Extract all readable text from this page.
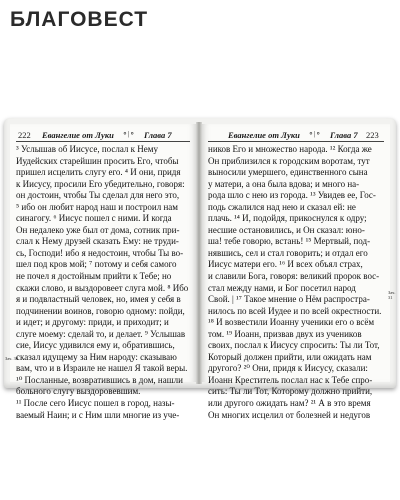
БЛАГОВЕСТ
222 Евангелие от Луки ⚬|⚬ Глава 7
³ Услышав об Иисусе, послал к Нему
Иудейских старейшин просить Его, чтобы
пришел исцелить слугу его. ⁴ И они, придя
к Иисусу, просили Его убедительно, говоря:
он достоин, чтобы Ты сделал для него это,
⁵ ибо он любит народ наш и построил нам
синагогу. ⁶ Иисус пошел с ними. И когда
Он недалеко уже был от дома, сотник при-
слал к Нему друзей сказать Ему: не труди-
сь, Господи! ибо я недостоин, чтобы Ты во-
шел под кров мой; ⁷ потому и себя самого
не почел я достойным прийти к Тебе; но
скажи слово, и выздоровеет слуга мой. ⁸ Ибо
я и подвластный человек, но, имея у себя в
подчинении воинов, говорю одному: пойди,
и идет; и другому: приди, и приходит; и
слуге моему: сделай то, и делает. ⁹ Услышав
сие, Иисус удивился ему и, обратившись,
сказал идущему за Ним народу: сказываю
вам, что и в Израиле не нашел Я такой веры.
¹⁰ Посланные, возвратившись в дом, нашли
больного слугу выздоровевшим.
¹¹ После сего Иисус пошел в город, назы-
ваемый Наин; и с Ним шли многие из уче-
Евангелие от Луки ⚬|⚬ Глава 7 223
ников Его и множество народа. ¹² Когда же
Он приблизился к городским воротам, тут
выносили умершего, единственного сына
у матери, а она была вдова; и много на-
рода шло с нею из города. ¹³ Увидев ее, Гос-
подь сжалился над нею и сказал ей: не
плачь. ¹⁴ И, подойдя, прикоснулся к одру;
несшие остановились, и Он сказал: юно-
ша! тебе говорю, встань! ¹⁵ Мертвый, под-
нявшись, сел и стал говорить; и отдал его
Иисус матери его. ¹⁶ И всех объял страх,
и славили Бога, говоря: великий пророк вос-
стал между нами, и Бог посетил народ
Свой. | ¹⁷ Такое мнение о Нём распростра-
нилось по всей Иудее и по всей окрестности.
¹⁸ И возвестили Иоанну ученики его о всём
том. ¹⁹ Иоанн, призвав двух из учеников
своих, послал к Иисусу спросить: Ты ли Тот,
Который должен прийти, или ожидать нам
другого? ²⁰ Они, придя к Иисусу, сказали:
Иоанн Креститель послал нас к Тебе спро-
сить: Ты ли Тот, Которому должно прийти,
или другого ожидать нам? ²¹ А в это время
Он многих исцелил от болезней и недугов
Зач. 30
Зач. 31
